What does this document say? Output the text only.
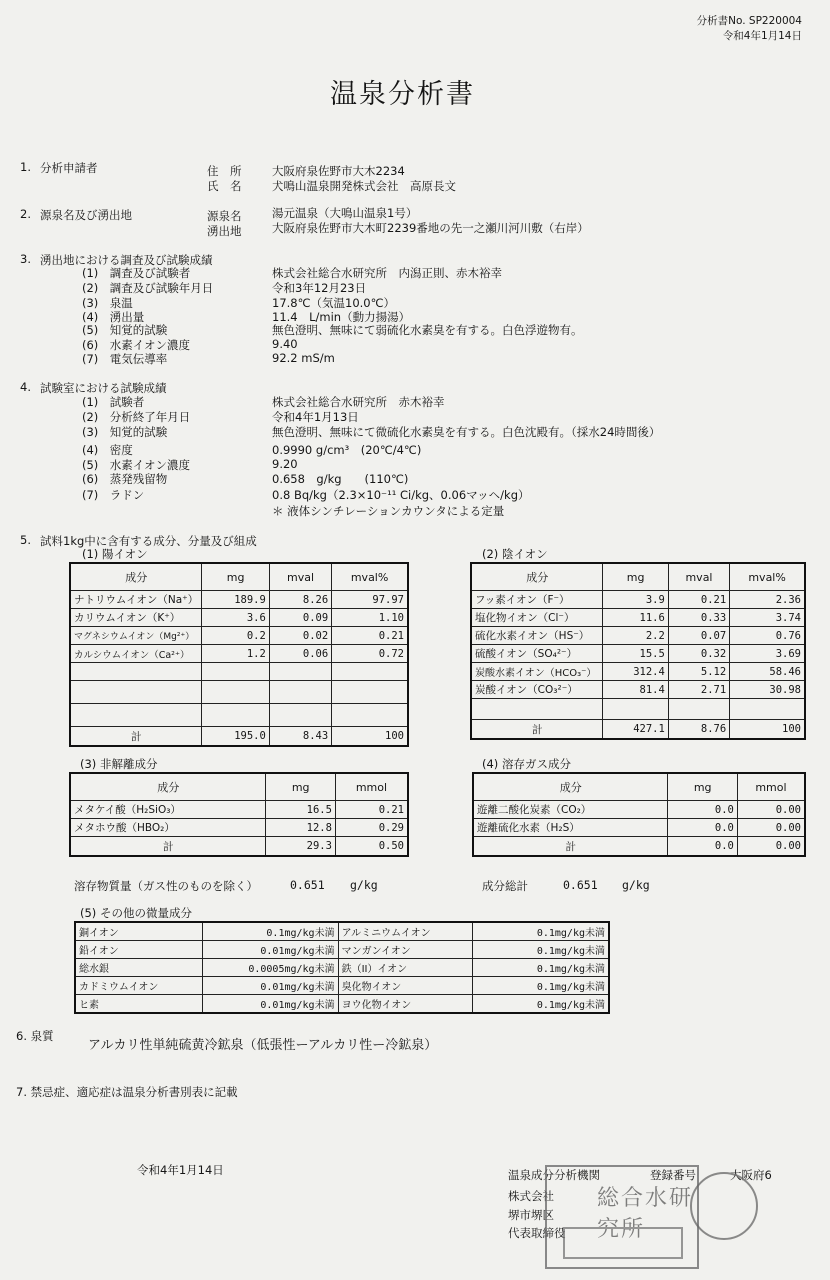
分析書No. SP220004
令和4年1月14日
温泉分析書
1. 分析申請者	住　所	大阪府泉佐野市大木2234
氏　名	犬鳴山温泉開発株式会社　高原長文
2. 源泉名及び湧出地	源泉名	湯元温泉（大鳴山温泉1号）
湧出地	大阪府泉佐野市大木町2239番地の先一之瀬川河川敷（右岸）
3. 湧出地における調査及び試験成績
(1)　調査及び試験者	株式会社総合水研究所　内潟正則、赤木裕幸
(2)　調査及び試験年月日	令和3年12月23日
(3)　泉温	17.8℃（気温10.0℃）
(4)　湧出量	11.4　L/min（動力揚湯）
(5)　知覚的試験	無色澄明、無味にて弱硫化水素臭を有する。白色浮遊物有。
(6)　水素イオン濃度	9.40
(7)　電気伝導率	92.2 mS/m
4. 試験室における試験成績
(1)　試験者	株式会社総合水研究所　赤木裕幸
(2)　分析終了年月日	令和4年1月13日
(3)　知覚的試験	無色澄明、無味にて微硫化水素臭を有する。白色沈殿有。（採水24時間後）
(4)　密度	0.9990 g/cm³　(20℃/4℃)
(5)　水素イオン濃度	9.20
(6)　蒸発残留物	0.658　g/kg　　(110℃)
(7)　ラドン	0.8 Bq/kg（2.3×10⁻¹¹ Ci/kg、0.06マッヘ/kg）
＊ 液体シンチレーションカウンタによる定量
5. 試料1kg中に含有する成分、分量及び組成
(1) 陽イオン	(2) 陰イオン
成分	mg	mval	mval%
ナトリウムイオン（Na⁺）	189.9	8.26	97.97
カリウムイオン（K⁺）	3.6	0.09	1.10
マグネシウムイオン（Mg²⁺）	0.2	0.02	0.21
カルシウムイオン（Ca²⁺）	1.2	0.06	0.72

計	195.0	8.43	100
成分	mg	mval	mval%
フッ素イオン（F⁻）	3.9	0.21	2.36
塩化物イオン（Cl⁻）	11.6	0.33	3.74
硫化水素イオン（HS⁻）	2.2	0.07	0.76
硫酸イオン（SO₄²⁻）	15.5	0.32	3.69
炭酸水素イオン（HCO₃⁻）	312.4	5.12	58.46
炭酸イオン（CO₃²⁻）	81.4	2.71	30.98

計	427.1	8.76	100
(3) 非解離成分
成分	mg	mmol
メタケイ酸（H₂SiO₃）	16.5	0.21
メタホウ酸（HBO₂）	12.8	0.29
計	29.3	0.50
(4) 溶存ガス成分
成分	mg	mmol
遊離二酸化炭素（CO₂）	0.0	0.00
遊離硫化水素（H₂S）	0.0	0.00
計	0.0	0.00
溶存物質量（ガス性のものを除く）	0.651 g/kg	成分総計	0.651 g/kg
(5) その他の微量成分
銅イオン	0.1mg/kg未満	アルミニウムイオン	0.1mg/kg未満
鉛イオン	0.01mg/kg未満	マンガンイオン	0.1mg/kg未満
総水銀	0.0005mg/kg未満	鉄（II）イオン	0.1mg/kg未満
カドミウムイオン	0.01mg/kg未満	臭化物イオン	0.1mg/kg未満
ヒ素	0.01mg/kg未満	ヨウ化物イオン	0.1mg/kg未満
6. 泉質
アルカリ性単純硫黄冷鉱泉（低張性ーアルカリ性ー冷鉱泉）
7. 禁忌症、適応症は温泉分析書別表に記載
令和4年1月14日	温泉成分分析機関	登録番号	大阪府6
株式会社
堺市堺区
代表取締役
総合水研究所
